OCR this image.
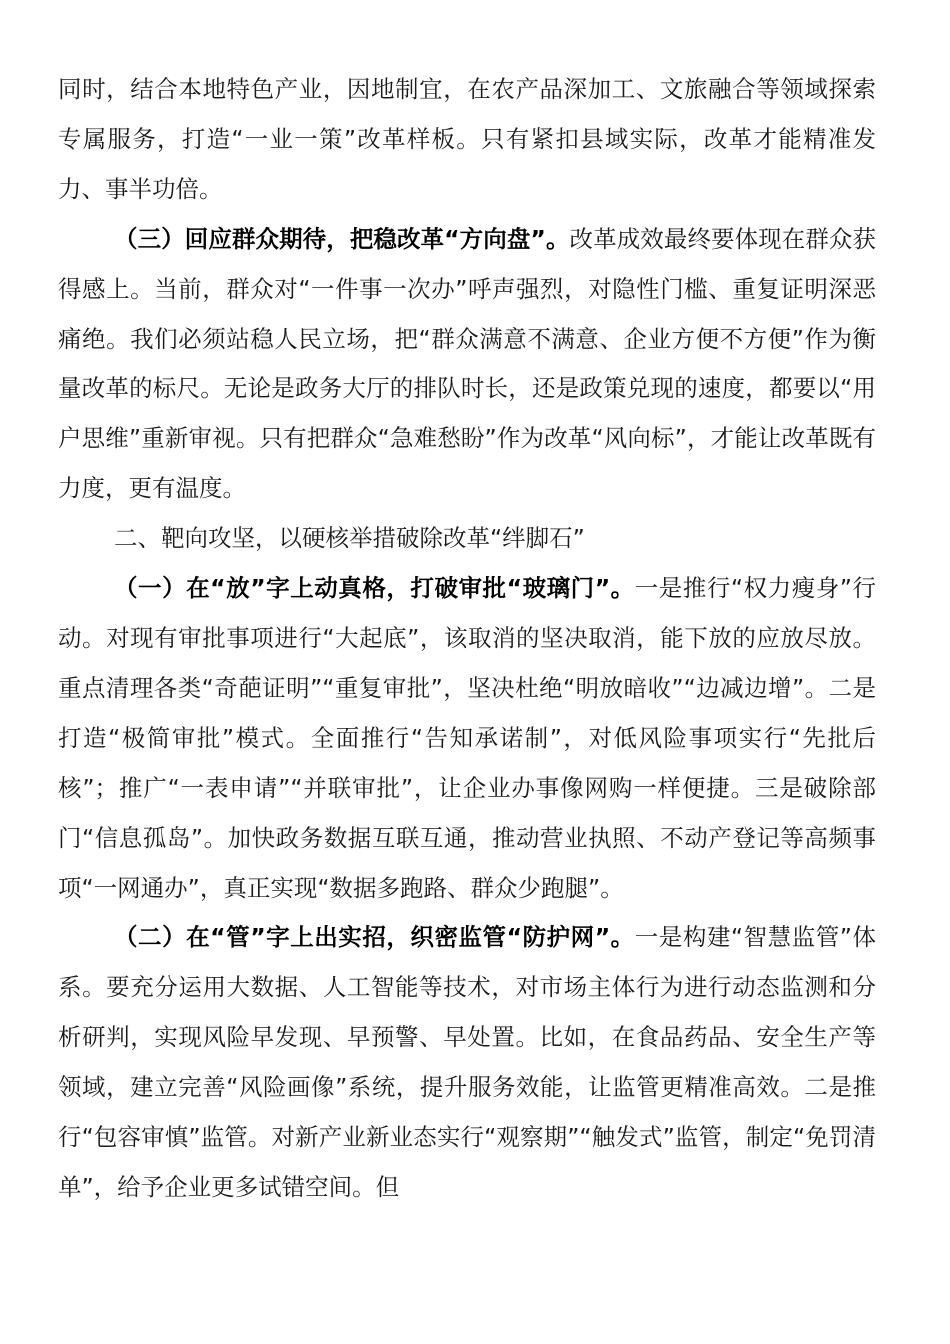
同时，结合本地特色产业，因地制宜，在农产品深加工、文旅融合等领域探索专属服务，打造“一业一策”改革样板。只有紧扣县域实际，改革才能精准发力、事半功倍。

（三）回应群众期待，把稳改革“方向盘”。改革成效最终要体现在群众获得感上。当前，群众对“一件事一次办”呼声强烈，对隐性门槛、重复证明深恶痛绝。我们必须站稳人民立场，把“群众满意不满意、企业方便不方便”作为衡量改革的标尺。无论是政务大厅的排队时长，还是政策兑现的速度，都要以“用户思维”重新审视。只有把群众“急难愁盼”作为改革“风向标”，才能让改革既有力度，更有温度。

二、靶向攻坚，以硬核举措破除改革“绊脚石”

（一）在“放”字上动真格，打破审批“玻璃门”。一是推行“权力瘦身”行动。对现有审批事项进行“大起底”，该取消的坚决取消，能下放的应放尽放。重点清理各类“奇葩证明”“重复审批”，坚决杜绝“明放暗收”“边减边增”。二是打造“极简审批”模式。全面推行“告知承诺制”，对低风险事项实行“先批后核”；推广“一表申请”“并联审批”，让企业办事像网购一样便捷。三是破除部门“信息孤岛”。加快政务数据互联互通，推动营业执照、不动产登记等高频事项“一网通办”，真正实现“数据多跑路、群众少跑腿”。

（二）在“管”字上出实招，织密监管“防护网”。一是构建“智慧监管”体系。要充分运用大数据、人工智能等技术，对市场主体行为进行动态监测和分析研判，实现风险早发现、早预警、早处置。比如，在食品药品、安全生产等领域，建立完善“风险画像”系统，提升服务效能，让监管更精准高效。二是推行“包容审慎”监管。对新产业新业态实行“观察期”“触发式”监管，制定“免罚清单”，给予企业更多试错空间。但
